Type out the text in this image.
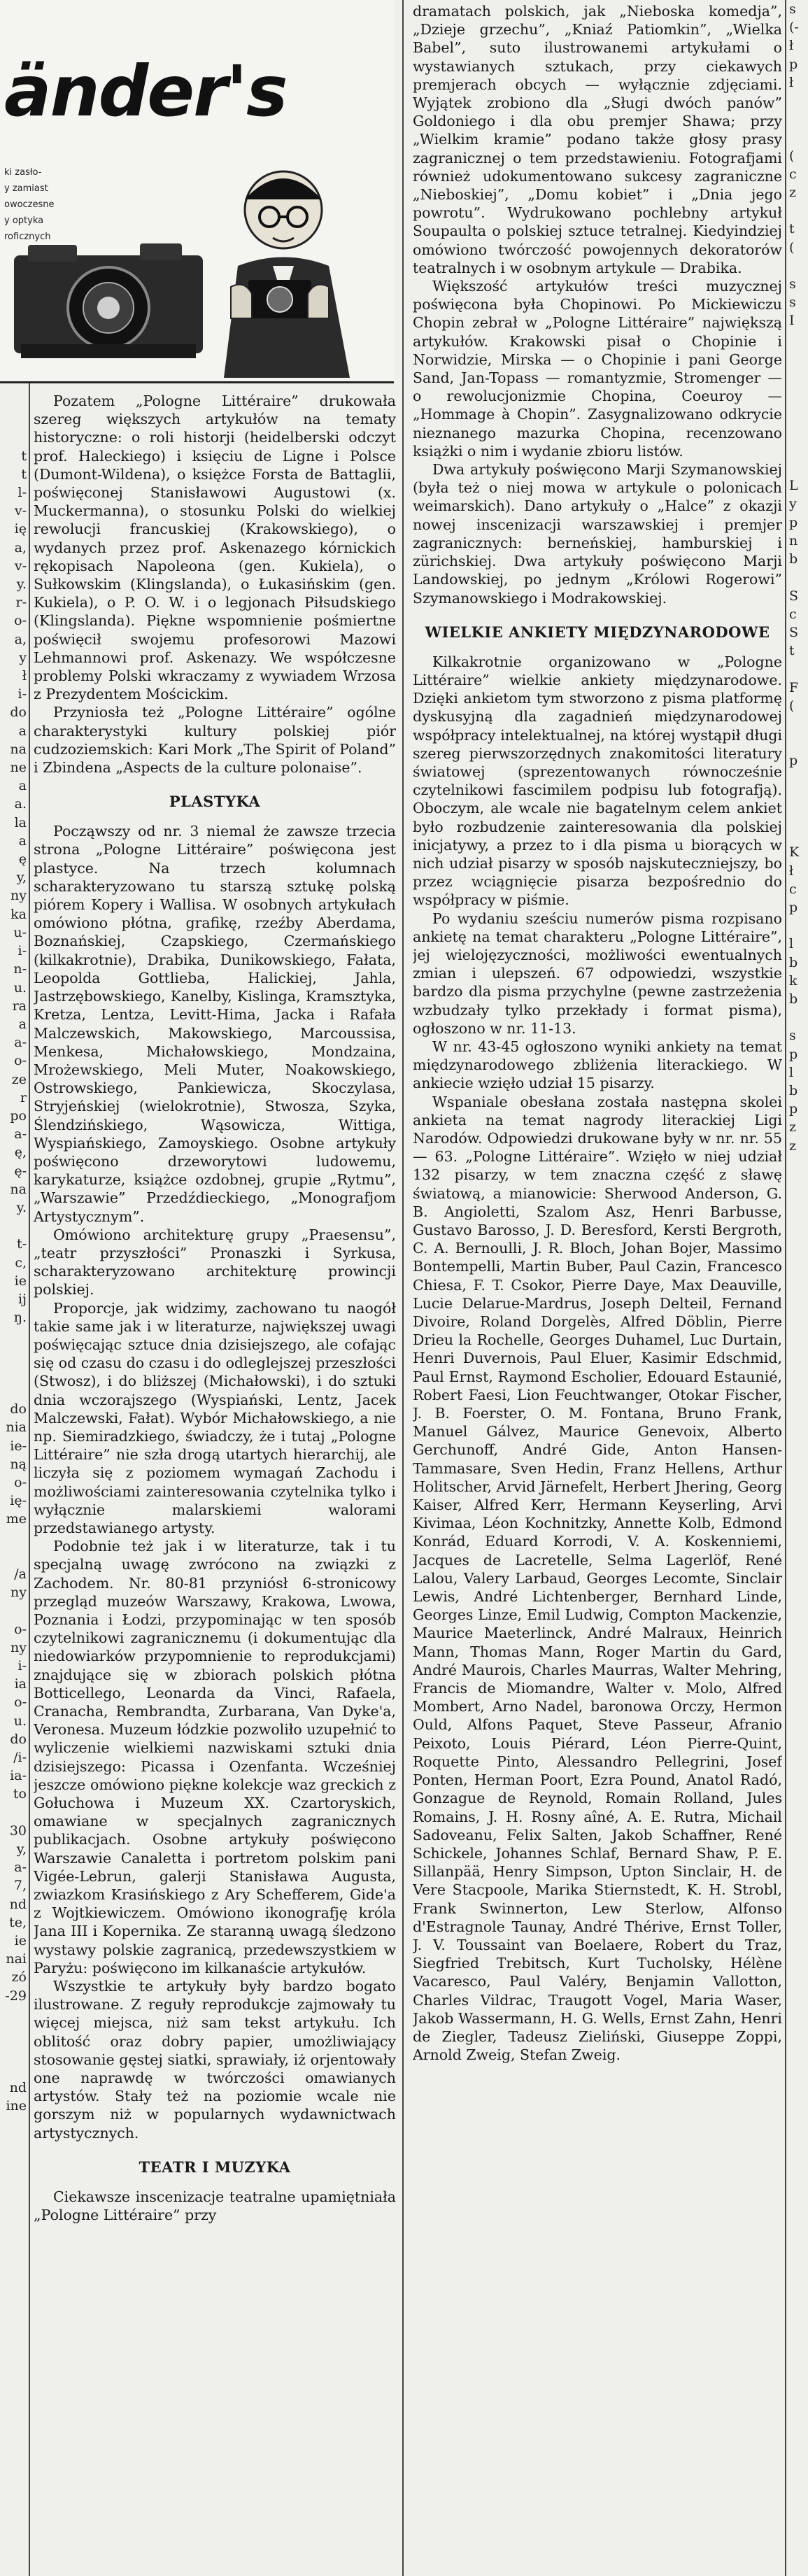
änder's
ki zasło-
y zamiast
owoczesne
y optyka
roficznych
t
t
l-
v-
ię
a,
v-
y.
r-
o-
a,
y
ł
i-
do
a
na
ne
a
a.
la
a
ę
y,
ny
ka
u-
i-
n-
u.
ra
a
a-
o-
ze
r
po
a-
ę,
ę-
na
y.
t-
c,
ie
ij
ŋ.
do
nia
ie-
ną
o-
ię-
me
/a
ny
o-
ny
i-
ia
o-
u.
do
/i-
ia-
to
30
y,
a-
7,
nd
te,
ie
nai
zó
-29
nd
ine
s
(-
ł
p
ł
(
c
z
t
(
s
s
I
L
y
p
n
b
S
c
S
t
F
(
p
K
ł
c
p
l
b
k
b
s
p
l
b
p
z
z

Pozatem „Pologne Littéraire” drukowała szereg większych artykułów na tematy historyczne: o roli historji (heidelberski odczyt prof. Haleckiego) i księciu de Ligne i Polsce (Dumont-Wildena), o księżce Forsta de Battaglii, poświęconej Stanisławowi Augustowi (x. Muckermanna), o stosunku Polski do wielkiej rewolucji francuskiej (Krakowskiego), o wydanych przez prof. Askenazego kórnickich rękopisach Napoleona (gen. Kukiela), o Sułkowskim (Klingslanda), o Łukasińskim (gen. Kukiela), o P. O. W. i o legjonach Piłsudskiego (Klingslanda). Piękne wspomnienie pośmiertne poświęcił swojemu profesorowi Mazowi Lehmannowi prof. Askenazy. We współczesne problemy Polski wkraczamy z wywiadem Wrzosa z Prezydentem Mościckim.

Przyniosła też „Pologne Littéraire” ogólne charakterystyki kultury polskiej piór cudzoziemskich: Kari Mork „The Spirit of Poland” i Zbindena „Aspects de la culture polonaise”.

PLASTYKA

Począwszy od nr. 3 niemal że zawsze trzecia strona „Pologne Littéraire” poświęcona jest plastyce. Na trzech kolumnach scharakteryzowano tu starszą sztukę polską piórem Kopery i Wallisa. W osobnych artykułach omówiono płótna, grafikę, rzeźby Aberdama, Boznańskiej, Czapskiego, Czermańskiego (kilkakrotnie), Drabika, Dunikowskiego, Fałata, Leopolda Gottlieba, Halickiej, Jahla, Jastrzębowskiego, Kanelby, Kislinga, Kramsztyka, Kretza, Lentza, Levitt-Hima, Jacka i Rafała Malczewskich, Makowskiego, Marcoussisa, Menkesa, Michałowskiego, Mondzaina, Mrożewskiego, Meli Muter, Noakowskiego, Ostrowskiego, Pankiewicza, Skoczylasa, Stryjeńskiej (wielokrotnie), Stwosza, Szyka, Ślendzińskiego, Wąsowicza, Wittiga, Wyspiańskiego, Zamoyskiego. Osobne artykuły poświęcono drzeworytowi ludowemu, karykaturze, książce ozdobnej, grupie „Rytmu”, „Warszawie” Przedźdieckiego, „Monografjom Artystycznym”.

Omówiono architekturę grupy „Praesensu”, „teatr przyszłości” Pronaszki i Syrkusa, scharakteryzowano architekturę prowincji polskiej.

Proporcje, jak widzimy, zachowano tu naogół takie same jak i w literaturze, największej uwagi poświęcając sztuce dnia dzisiejszego, ale cofając się od czasu do czasu i do odleglejszej przeszłości (Stwosz), i do bliższej (Michałowski), i do sztuki dnia wczorajszego (Wyspiański, Lentz, Jacek Malczewski, Fałat). Wybór Michałowskiego, a nie np. Siemiradzkiego, świadczy, że i tutaj „Pologne Littéraire” nie szła drogą utartych hierarchij, ale liczyła się z poziomem wymagań Zachodu i możliwościami zainteresowania czytelnika tylko i wyłącznie malarskiemi walorami przedstawianego artysty.

Podobnie też jak i w literaturze, tak i tu specjalną uwagę zwrócono na związki z Zachodem. Nr. 80-81 przyniósł 6-stronicowy przegląd muzeów Warszawy, Krakowa, Lwowa, Poznania i Łodzi, przypominając w ten sposób czytelnikowi zagranicznemu (i dokumentując dla niedowiarków przypomnienie to reprodukcjami) znajdujące się w zbiorach polskich płótna Botticellego, Leonarda da Vinci, Rafaela, Cranacha, Rembrandta, Zurbarana, Van Dyke'a, Veronesa. Muzeum łódzkie pozwoliło uzupełnić to wyliczenie wielkiemi nazwiskami sztuki dnia dzisiejszego: Picassa i Ozenfanta. Wcześniej jeszcze omówiono piękne kolekcje waz greckich z Gołuchowa i Muzeum XX. Czartoryskich, omawiane w specjalnych zagranicznych publikacjach. Osobne artykuły poświęcono Warszawie Canaletta i portretom polskim pani Vigée-Lebrun, galerji Stanisława Augusta, zwiazkom Krasińskiego z Ary Schefferem, Gide'a z Wojtkiewiczem. Omówiono ikonografję króla Jana III i Kopernika. Ze staranną uwagą śledzono wystawy polskie zagranicą, przedewszystkiem w Paryżu: poświęcono im kilkanaście artykułów.

Wszystkie te artykuły były bardzo bogato ilustrowane. Z reguły reprodukcje zajmowały tu więcej miejsca, niż sam tekst artykułu. Ich oblitość oraz dobry papier, umożliwiający stosowanie gęstej siatki, sprawiały, iż orjentowały one naprawdę w twórczości omawianych artystów. Stały też na poziomie wcale nie gorszym niż w popularnych wydawnictwach artystycznych.

TEATR I MUZYKA

Ciekawsze inscenizacje teatralne upamiętniała „Pologne Littéraire” przy

dramatach polskich, jak „Nieboska komedja”, „Dzieje grzechu”, „Kniaź Patiomkin”, „Wielka Babel”, suto ilustrowanemi artykułami o wystawianych sztukach, przy ciekawych premjerach obcych — wyłącznie zdjęciami. Wyjątek zrobiono dla „Sługi dwóch panów” Goldoniego i dla obu premjer Shawa; przy „Wielkim kramie” podano także głosy prasy zagranicznej o tem przedstawieniu. Fotografjami również udokumentowano sukcesy zagraniczne „Nieboskiej”, „Domu kobiet” i „Dnia jego powrotu”. Wydrukowano pochlebny artykuł Soupaulta o polskiej sztuce tetralnej. Kiedyindziej omówiono twórczość powojennych dekoratorów teatralnych i w osobnym artykule — Drabika.

Większość artykułów treści muzycznej poświęcona była Chopinowi. Po Mickiewiczu Chopin zebrał w „Pologne Littéraire” największą artykułów. Krakowski pisał o Chopinie i Norwidzie, Mirska — o Chopinie i pani George Sand, Jan-Topass — romantyzmie, Stromenger — o rewolucjonizmie Chopina, Coeuroy — „Hommage à Chopin”. Zasygnalizowano odkrycie nieznanego mazurka Chopina, recenzowano książki o nim i wydanie zbioru listów.

Dwa artykuły poświęcono Marji Szymanowskiej (była też o niej mowa w artykule o polonicach weimarskich). Dano artykuły o „Halce” z okazji nowej inscenizacji warszawskiej i premjer zagranicznych: berneńskiej, hamburskiej i zürichskiej. Dwa artykuły poświęcono Marji Landowskiej, po jednym „Królowi Rogerowi” Szymanowskiego i Modrakowskiej.

WIELKIE ANKIETY MIĘDZYNARODOWE

Kilkakrotnie organizowano w „Pologne Littéraire” wielkie ankiety międzynarodowe. Dzięki ankietom tym stworzono z pisma platformę dyskusyjną dla zagadnień międzynarodowej współpracy intelektualnej, na której wystąpił długi szereg pierwszorzędnych znakomitości literatury światowej (sprezentowanych równocześnie czytelnikowi fascimilem podpisu lub fotografją). Oboczym, ale wcale nie bagatelnym celem ankiet było rozbudzenie zainteresowania dla polskiej inicjatywy, a przez to i dla pisma u biorących w nich udział pisarzy w sposób najskuteczniejszy, bo przez wciągnięcie pisarza bezpośrednio do współpracy w piśmie.

Po wydaniu sześciu numerów pisma rozpisano ankietę na temat charakteru „Pologne Littéraire”, jej wielojęzyczności, możliwości ewentualnych zmian i ulepszeń. 67 odpowiedzi, wszystkie bardzo dla pisma przychylne (pewne zastrzeżenia wzbudzały tylko przekłady i format pisma), ogłoszono w nr. 11-13.

W nr. 43-45 ogłoszono wyniki ankiety na temat międzynarodowego zbliżenia literackiego. W ankiecie wzięło udział 15 pisarzy.

Wspaniale obesłana została następna skolei ankieta na temat nagrody literackiej Ligi Narodów. Odpowiedzi drukowane były w nr. nr. 55 — 63. „Pologne Littéraire”. Wzięło w niej udział 132 pisarzy, w tem znaczna część z sławę światową, a mianowicie: Sherwood Anderson, G. B. Angioletti, Szalom Asz, Henri Barbusse, Gustavo Barosso, J. D. Beresford, Kersti Bergroth, C. A. Bernoulli, J. R. Bloch, Johan Bojer, Massimo Bontempelli, Martin Buber, Paul Cazin, Francesco Chiesa, F. T. Csokor, Pierre Daye, Max Deauville, Lucie Delarue-Mardrus, Joseph Delteil, Fernand Divoire, Roland Dorgelès, Alfred Döblin, Pierre Drieu la Rochelle, Georges Duhamel, Luc Durtain, Henri Duvernois, Paul Eluer, Kasimir Edschmid, Paul Ernst, Raymond Escholier, Edouard Estaunié, Robert Faesi, Lion Feuchtwanger, Otokar Fischer, J. B. Foerster, O. M. Fontana, Bruno Frank, Manuel Gálvez, Maurice Genevoix, Alberto Gerchunoff, André Gide, Anton Hansen-Tammasare, Sven Hedin, Franz Hellens, Arthur Holitscher, Arvid Järnefelt, Herbert Jhering, Georg Kaiser, Alfred Kerr, Hermann Keyserling, Arvi Kivimaa, Léon Kochnitzky, Annette Kolb, Edmond Konrád, Eduard Korrodi, V. A. Koskenniemi, Jacques de Lacretelle, Selma Lagerlöf, René Lalou, Valery Larbaud, Georges Lecomte, Sinclair Lewis, André Lichtenberger, Bernhard Linde, Georges Linze, Emil Ludwig, Compton Mackenzie, Maurice Maeterlinck, André Malraux, Heinrich Mann, Thomas Mann, Roger Martin du Gard, André Maurois, Charles Maurras, Walter Mehring, Francis de Miomandre, Walter v. Molo, Alfred Mombert, Arno Nadel, baronowa Orczy, Hermon Ould, Alfons Paquet, Steve Passeur, Afranio Peixoto, Louis Piérard, Léon Pierre-Quint, Roquette Pinto, Alessandro Pellegrini, Josef Ponten, Herman Poort, Ezra Pound, Anatol Radó, Gonzague de Reynold, Romain Rolland, Jules Romains, J. H. Rosny aîné, A. E. Rutra, Michail Sadoveanu, Felix Salten, Jakob Schaffner, René Schickele, Johannes Schlaf, Bernard Shaw, P. E. Sillanpää, Henry Simpson, Upton Sinclair, H. de Vere Stacpoole, Marika Stiernstedt, K. H. Strobl, Frank Swinnerton, Lew Sterlow, Alfonso d'Estragnole Taunay, André Thérive, Ernst Toller, J. V. Toussaint van Boelaere, Robert du Traz, Siegfried Trebitsch, Kurt Tucholsky, Hélène Vacaresco, Paul Valéry, Benjamin Vallotton, Charles Vildrac, Traugott Vogel, Maria Waser, Jakob Wassermann, H. G. Wells, Ernst Zahn, Henri de Ziegler, Tadeusz Zieliński, Giuseppe Zoppi, Arnold Zweig, Stefan Zweig.
